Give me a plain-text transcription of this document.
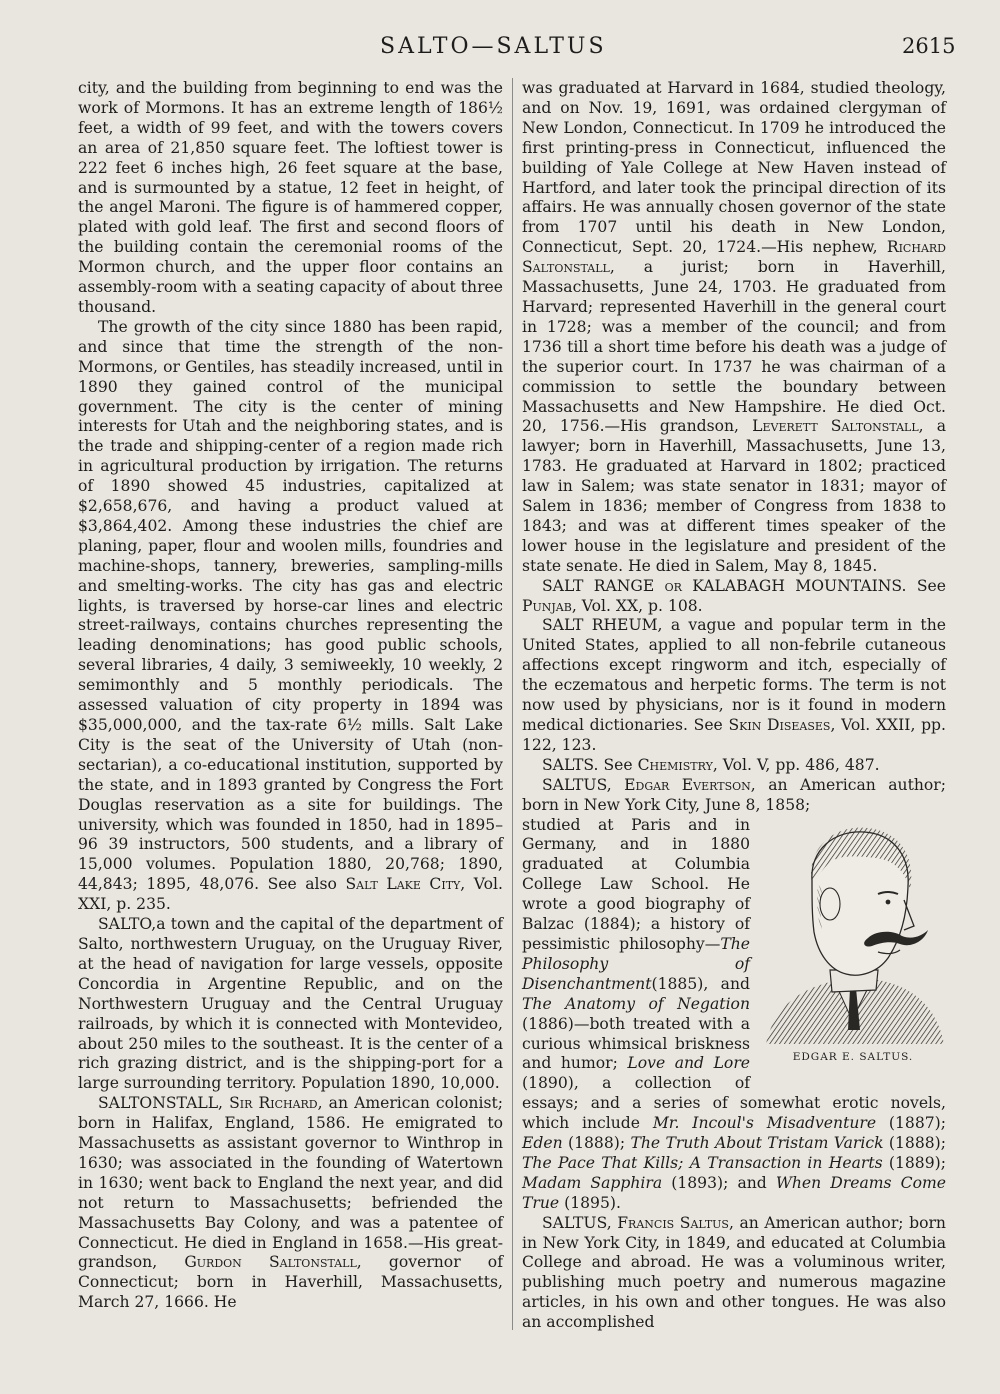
SALTO—SALTUS	2615

city, and the building from beginning to end was the work of Mormons. It has an extreme length of 186½ feet, a width of 99 feet, and with the towers covers an area of 21,850 square feet. The loftiest tower is 222 feet 6 inches high, 26 feet square at the base, and is surmounted by a statue, 12 feet in height, of the angel Maroni. The figure is of hammered copper, plated with gold leaf. The first and second floors of the building contain the ceremonial rooms of the Mormon church, and the upper floor contains an assembly-room with a seating capacity of about three thousand.

The growth of the city since 1880 has been rapid, and since that time the strength of the non-Mormons, or Gentiles, has steadily increased, until in 1890 they gained control of the municipal government. The city is the center of mining interests for Utah and the neighboring states, and is the trade and shipping-center of a region made rich in agricultural production by irrigation. The returns of 1890 showed 45 industries, capitalized at $2,658,676, and having a product valued at $3,864,402. Among these industries the chief are planing, paper, flour and woolen mills, foundries and machine-shops, tannery, breweries, sampling-mills and smelting-works. The city has gas and electric lights, is traversed by horse-car lines and electric street-railways, contains churches representing the leading denominations; has good public schools, several libraries, 4 daily, 3 semiweekly, 10 weekly, 2 semimonthly and 5 monthly periodicals. The assessed valuation of city property in 1894 was $35,000,000, and the tax-rate 6½ mills. Salt Lake City is the seat of the University of Utah (non-sectarian), a co-educational institution, supported by the state, and in 1893 granted by Congress the Fort Douglas reservation as a site for buildings. The university, which was founded in 1850, had in 1895–96 39 instructors, 500 students, and a library of 15,000 volumes. Population 1880, 20,768; 1890, 44,843; 1895, 48,076. See also Salt Lake City, Vol. XXI, p. 235.

SALTO,a town and the capital of the department of Salto, northwestern Uruguay, on the Uruguay River, at the head of navigation for large vessels, opposite Concordia in Argentine Republic, and on the Northwestern Uruguay and the Central Uruguay railroads, by which it is connected with Montevideo, about 250 miles to the southeast. It is the center of a rich grazing district, and is the shipping-port for a large surrounding territory. Population 1890, 10,000.

SALTONSTALL, Sir Richard, an American colonist; born in Halifax, England, 1586. He emigrated to Massachusetts as assistant governor to Winthrop in 1630; was associated in the founding of Watertown in 1630; went back to England the next year, and did not return to Massachusetts; befriended the Massachusetts Bay Colony, and was a patentee of Connecticut. He died in England in 1658.—His great-grandson, Gurdon Saltonstall, governor of Connecticut; born in Haverhill, Massachusetts, March 27, 1666. He

was graduated at Harvard in 1684, studied theology, and on Nov. 19, 1691, was ordained clergyman of New London, Connecticut. In 1709 he introduced the first printing-press in Connecticut, influenced the building of Yale College at New Haven instead of Hartford, and later took the principal direction of its affairs. He was annually chosen governor of the state from 1707 until his death in New London, Connecticut, Sept. 20, 1724.—His nephew, Richard Saltonstall, a jurist; born in Haverhill, Massachusetts, June 24, 1703. He graduated from Harvard; represented Haverhill in the general court in 1728; was a member of the council; and from 1736 till a short time before his death was a judge of the superior court. In 1737 he was chairman of a commission to settle the boundary between Massachusetts and New Hampshire. He died Oct. 20, 1756.—His grandson, Leverett Saltonstall, a lawyer; born in Haverhill, Massachusetts, June 13, 1783. He graduated at Harvard in 1802; practiced law in Salem; was state senator in 1831; mayor of Salem in 1836; member of Congress from 1838 to 1843; and was at different times speaker of the lower house in the legislature and president of the state senate. He died in Salem, May 8, 1845.

SALT RANGE or KALABAGH MOUNTAINS. See Punjab, Vol. XX, p. 108.

SALT RHEUM, a vague and popular term in the United States, applied to all non-febrile cutaneous affections except ringworm and itch, especially of the eczematous and herpetic forms. The term is not now used by physicians, nor is it found in modern medical dictionaries. See Skin Diseases, Vol. XXII, pp. 122, 123.

SALTS. See Chemistry, Vol. V, pp. 486, 487.

SALTUS, Edgar Evertson, an American author; born in New York City, June 8, 1858;

EDGAR E. SALTUS.

studied at Paris and in Germany, and in 1880 graduated at Columbia College Law School. He wrote a good biography of Balzac (1884); a history of pessimistic philosophy—The Philosophy of Disenchantment(1885), and The Anatomy of Negation (1886)—both treated with a curious whimsical briskness and humor; Love and Lore (1890), a collection of essays; and a series of somewhat erotic novels, which include Mr. Incoul's Misadventure (1887); Eden (1888); The Truth About Tristam Varick (1888); The Pace That Kills; A Transaction in Hearts (1889); Madam Sapphira (1893); and When Dreams Come True (1895).

SALTUS, Francis Saltus, an American author; born in New York City, in 1849, and educated at Columbia College and abroad. He was a voluminous writer, publishing much poetry and numerous magazine articles, in his own and other tongues. He was also an accomplished
